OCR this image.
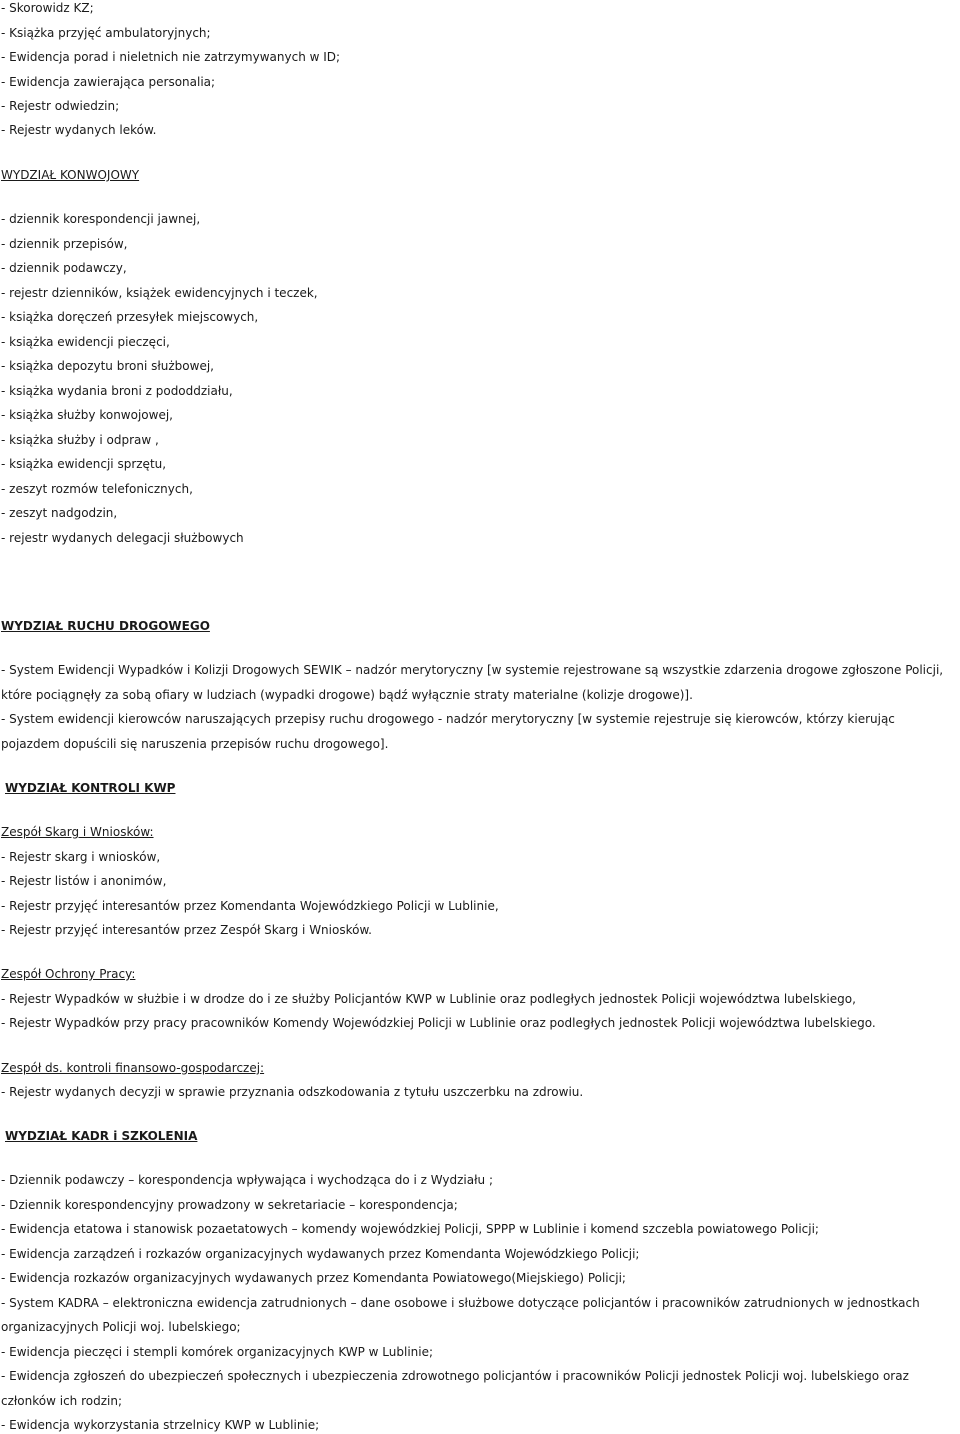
- Skorowidz KZ;
- Książka przyjęć ambulatoryjnych;
- Ewidencja porad i nieletnich nie zatrzymywanych w ID;
- Ewidencja zawierająca personalia;
- Rejestr odwiedzin;
- Rejestr wydanych leków.
WYDZIAŁ KONWOJOWY
- dziennik korespondencji jawnej,
- dziennik przepisów,
- dziennik podawczy,
- rejestr dzienników, książek ewidencyjnych i teczek,
- książka doręczeń przesyłek miejscowych,
- książka ewidencji pieczęci,
- książka depozytu broni służbowej,
- książka wydania broni z pododdziału,
- książka służby konwojowej,
- książka służby i odpraw ,
- książka ewidencji sprzętu,
- zeszyt rozmów telefonicznych,
- zeszyt nadgodzin,
- rejestr wydanych delegacji służbowych
WYDZIAŁ RUCHU DROGOWEGO
- System Ewidencji Wypadków i Kolizji Drogowych SEWIK – nadzór merytoryczny [w systemie rejestrowane są wszystkie zdarzenia drogowe zgłoszone Policji,
które pociągnęły za sobą ofiary w ludziach (wypadki drogowe) bądź wyłącznie straty materialne (kolizje drogowe)].
- System ewidencji kierowców naruszających przepisy ruchu drogowego - nadzór merytoryczny [w systemie rejestruje się kierowców, którzy kierując
pojazdem dopuścili się naruszenia przepisów ruchu drogowego].
WYDZIAŁ KONTROLI KWP
Zespół Skarg i Wniosków:
- Rejestr skarg i wniosków,
- Rejestr listów i anonimów,
- Rejestr przyjęć interesantów przez Komendanta Wojewódzkiego Policji w Lublinie,
- Rejestr przyjęć interesantów przez Zespół Skarg i Wniosków.
Zespół Ochrony Pracy:
- Rejestr Wypadków w służbie i w drodze do i ze służby Policjantów KWP w Lublinie oraz podległych jednostek Policji województwa lubelskiego,
- Rejestr Wypadków przy pracy pracowników Komendy Wojewódzkiej Policji w Lublinie oraz podległych jednostek Policji województwa lubelskiego.
Zespół ds. kontroli finansowo-gospodarczej:
- Rejestr wydanych decyzji w sprawie przyznania odszkodowania z tytułu uszczerbku na zdrowiu.
WYDZIAŁ KADR i SZKOLENIA
- Dziennik podawczy – korespondencja wpływająca i wychodząca do i z Wydziału ;
- Dziennik korespondencyjny prowadzony w sekretariacie – korespondencja;
- Ewidencja etatowa i stanowisk pozaetatowych – komendy wojewódzkiej Policji, SPPP w Lublinie i komend szczebla powiatowego Policji;
- Ewidencja zarządzeń i rozkazów organizacyjnych wydawanych przez Komendanta Wojewódzkiego Policji;
- Ewidencja rozkazów organizacyjnych wydawanych przez Komendanta Powiatowego(Miejskiego) Policji;
- System KADRA – elektroniczna ewidencja zatrudnionych – dane osobowe i służbowe dotyczące policjantów i pracowników zatrudnionych w jednostkach
organizacyjnych Policji woj. lubelskiego;
- Ewidencja pieczęci i stempli komórek organizacyjnych KWP w Lublinie;
- Ewidencja zgłoszeń do ubezpieczeń społecznych i ubezpieczenia zdrowotnego policjantów i pracowników Policji jednostek Policji woj. lubelskiego oraz
członków ich rodzin;
- Ewidencja wykorzystania strzelnicy KWP w Lublinie;
